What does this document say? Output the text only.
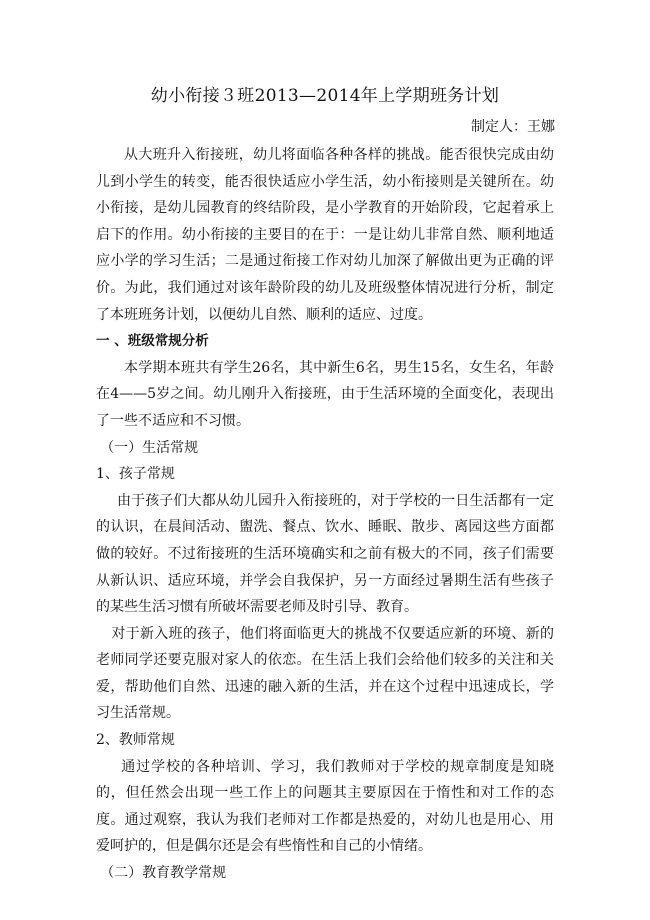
幼小衔接３班2013—2014年上学期班务计划
制定人：王娜

从大班升入衔接班，幼儿将面临各种各样的挑战。能否很快完成由幼儿到小学生的转变，能否很快适应小学生活，幼小衔接则是关键所在。幼小衔接，是幼儿园教育的终结阶段，是小学教育的开始阶段，它起着承上启下的作用。幼小衔接的主要目的在于：一是让幼儿非常自然、顺利地适应小学的学习生活；二是通过衔接工作对幼儿加深了解做出更为正确的评价。为此，我们通过对该年龄阶段的幼儿及班级整体情况进行分析，制定了本班班务计划，以便幼儿自然、顺利的适应、过度。

一 、班级常规分析

本学期本班共有学生26名，其中新生6名，男生15名，女生名，年龄在4——5岁之间。幼儿刚升入衔接班，由于生活环境的全面变化，表现出了一些不适应和不习惯。

（一）生活常规

1、孩子常规

由于孩子们大都从幼儿园升入衔接班的，对于学校的一日生活都有一定的认识，在晨间活动、盥洗、餐点、饮水、睡眠、散步、离园这些方面都做的较好。不过衔接班的生活环境确实和之前有极大的不同，孩子们需要从新认识、适应环境，并学会自我保护，另一方面经过暑期生活有些孩子的某些生活习惯有所破坏需要老师及时引导、教育。

对于新入班的孩子，他们将面临更大的挑战不仅要适应新的环境、新的老师同学还要克服对家人的依恋。在生活上我们会给他们较多的关注和关爱，帮助他们自然、迅速的融入新的生活，并在这个过程中迅速成长，学习生活常规。

2、教师常规

通过学校的各种培训、学习，我们教师对于学校的规章制度是知晓的，但任然会出现一些工作上的问题其主要原因在于惰性和对工作的态度。通过观察，我认为我们老师对工作都是热爱的，对幼儿也是用心、用爱呵护的，但是偶尔还是会有些惰性和自己的小情绪。

（二）教育教学常规
